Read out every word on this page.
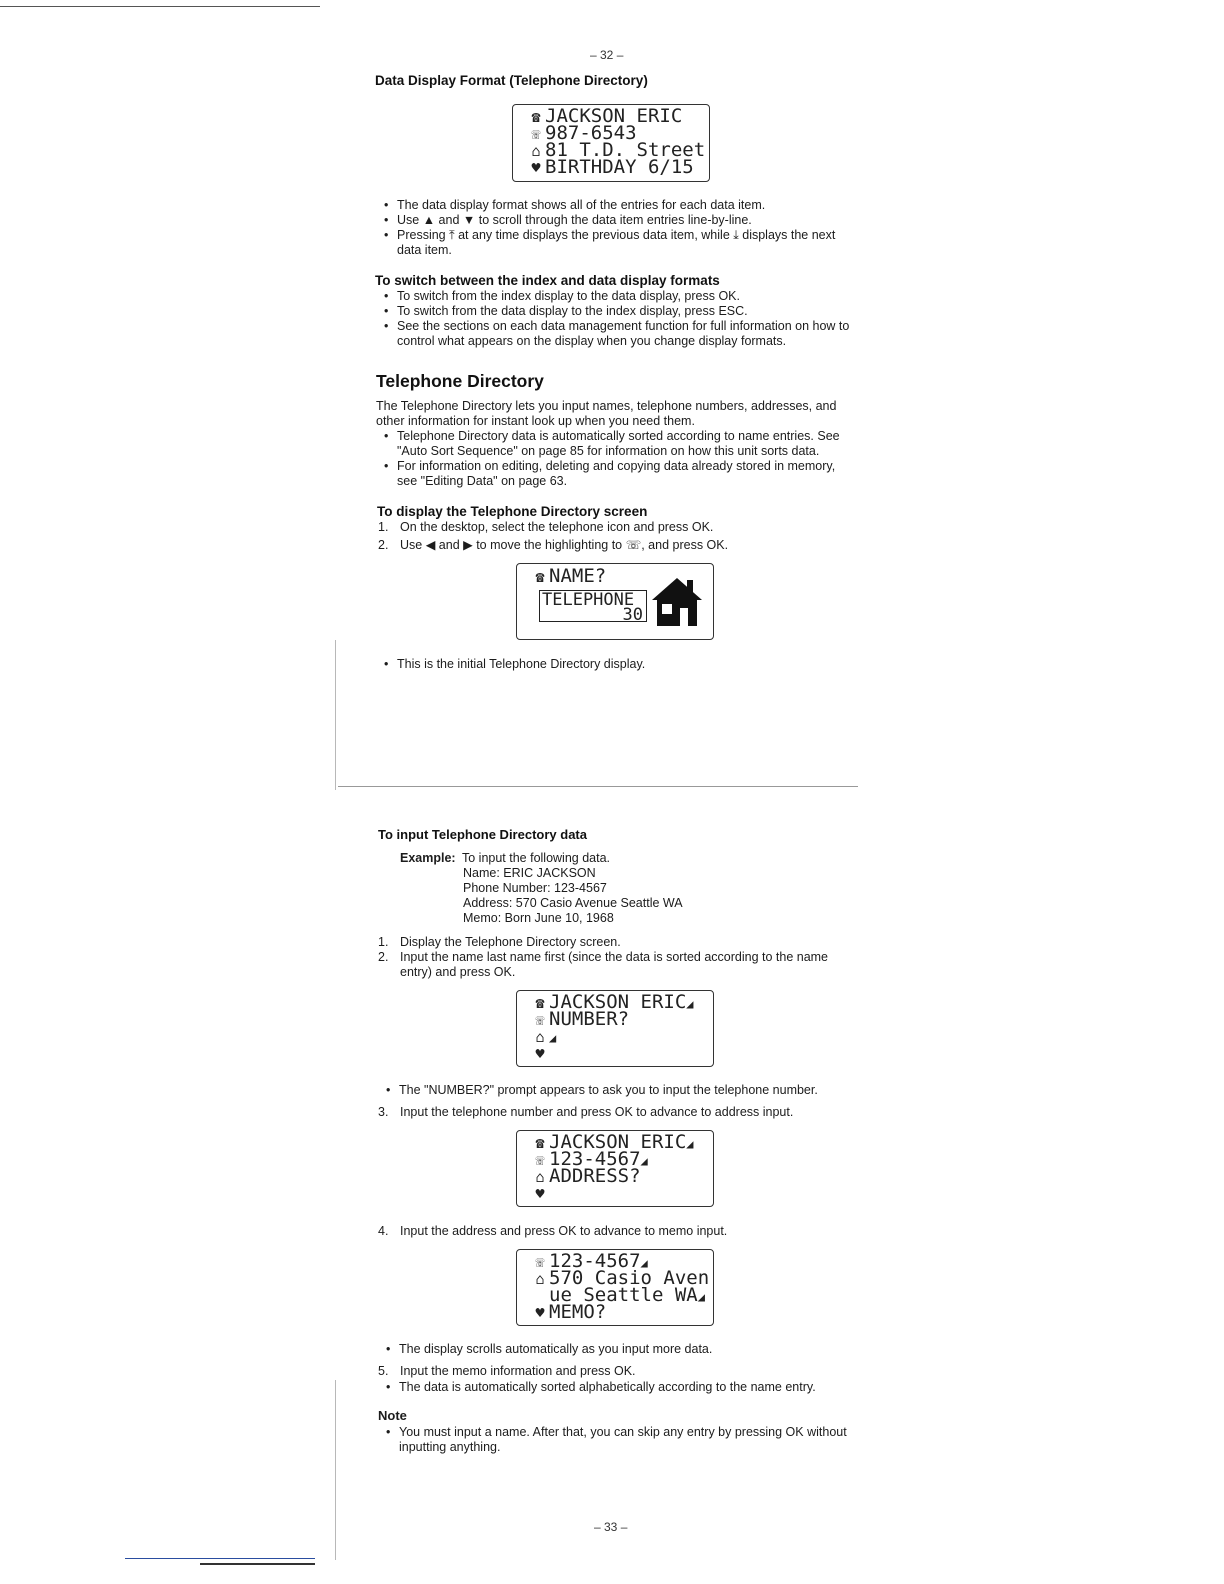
– 32 –
Data Display Format (Telephone Directory)
☎ JACKSON ERIC
☏ 987-6543
⌂ 81 T.D. Street
♥ BIRTHDAY 6/15
• The data display format shows all of the entries for each data item.
• Use ▲ and ▼ to scroll through the data item entries line-by-line.
• Pressing ⤒ at any time displays the previous data item, while ⤓ displays the next data item.
To switch between the index and data display formats
• To switch from the index display to the data display, press OK.
• To switch from the data display to the index display, press ESC.
• See the sections on each data management function for full information on how to control what appears on the display when you change display formats.
Telephone Directory
The Telephone Directory lets you input names, telephone numbers, addresses, and other information for instant look up when you need them.
• Telephone Directory data is automatically sorted according to name entries. See "Auto Sort Sequence" on page 85 for information on how this unit sorts data.
• For information on editing, deleting and copying data already stored in memory, see "Editing Data" on page 63.
To display the Telephone Directory screen
1. On the desktop, select the telephone icon and press OK.
2. Use ◀ and ▶ to move the highlighting to ☏, and press OK.
☎ NAME?
TELEPHONE
30
• This is the initial Telephone Directory display.
To input Telephone Directory data
Example: To input the following data.
Name: ERIC JACKSON
Phone Number: 123-4567
Address: 570 Casio Avenue Seattle WA
Memo: Born June 10, 1968
1. Display the Telephone Directory screen.
2. Input the name last name first (since the data is sorted according to the name entry) and press OK.
☎ JACKSON ERIC◢
☏ NUMBER?
⌂ ◢
♥
• The "NUMBER?" prompt appears to ask you to input the telephone number.
3. Input the telephone number and press OK to advance to address input.
☎ JACKSON ERIC◢
☏ 123-4567◢
⌂ ADDRESS?
♥
4. Input the address and press OK to advance to memo input.
☏ 123-4567◢
⌂ 570 Casio Aven
ue Seattle WA◢
♥ MEMO?
• The display scrolls automatically as you input more data.
5. Input the memo information and press OK.
• The data is automatically sorted alphabetically according to the name entry.
Note
• You must input a name. After that, you can skip any entry by pressing OK without inputting anything.
– 33 –
